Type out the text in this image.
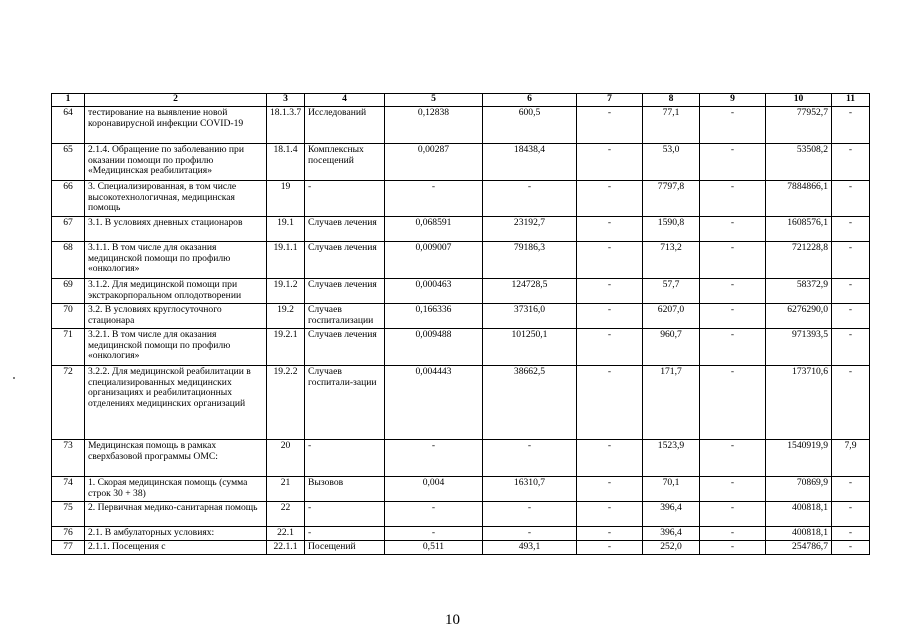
1	2	3	4	5	6	7	8	9	10	11
64	тестирование на выявление новой коронавирусной инфекции COVID-19	18.1.3.7	Исследований	0,12838	600,5	-	77,1	-	77952,7	-
65	2.1.4. Обращение по заболеванию при оказании помощи по профилю «Медицинская реабилитация»	18.1.4	Комплексных посещений	0,00287	18438,4	-	53,0	-	53508,2	-
66	3. Специализированная, в том числе высокотехнологичная, медицинская помощь	19	-	-	-	-	7797,8	-	7884866,1	-
67	3.1. В условиях дневных стационаров	19.1	Случаев лечения	0,068591	23192,7	-	1590,8	-	1608576,1	-
68	3.1.1. В том числе для оказания медицинской помощи по профилю «онкология»	19.1.1	Случаев лечения	0,009007	79186,3	-	713,2	-	721228,8	-
69	3.1.2. Для медицинской помощи при экстракорпоральном оплодотворении	19.1.2	Случаев лечения	0,000463	124728,5	-	57,7	-	58372,9	-
70	3.2. В условиях круглосуточного стационара	19.2	Случаев госпитализации	0,166336	37316,0	-	6207,0	-	6276290,0	-
71	3.2.1. В том числе для оказания медицинской помощи по профилю «онкология»	19.2.1	Случаев лечения	0,009488	101250,1	-	960,7	-	971393,5	-
72	3.2.2. Для медицинской реабилитации в специализированных медицинских организациях и реабилитационных отделениях медицинских организаций	19.2.2	Случаев госпитали-зации	0,004443	38662,5	-	171,7	-	173710,6	-
73	Медицинская помощь в рамках сверхбазовой программы ОМС:	20	-	-	-	-	1523,9	-	1540919,9	7,9
74	1. Скорая медицинская помощь (сумма строк 30 + 38)	21	Вызовов	0,004	16310,7	-	70,1	-	70869,9	-
75	2. Первичная медико-санитарная помощь	22	-	-	-	-	396,4	-	400818,1	-
76	2.1. В амбулаторных условиях:	22.1	-	-	-	-	396,4	-	400818,1	-
77	2.1.1. Посещения с	22.1.1	Посещений	0,511	493,1	-	252,0	-	254786,7	-
10
